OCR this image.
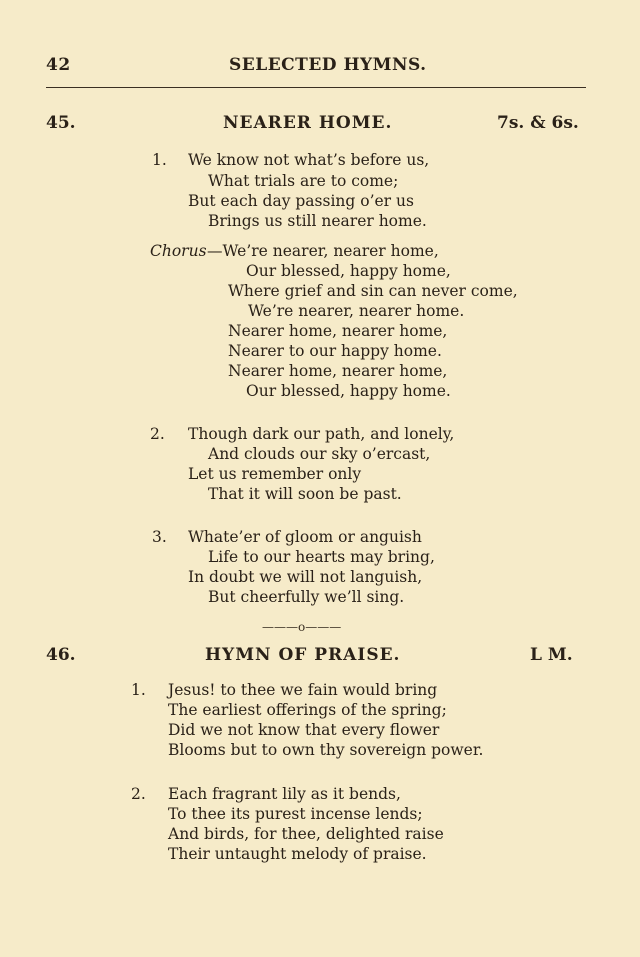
42	SELECTED HYMNS.
45.	NEARER HOME.	7s. & 6s.
1. We know not what’s before us,
What trials are to come;
But each day passing o’er us
Brings us still nearer home.
Chorus —We’re nearer, nearer home,
Our blessed, happy home,
Where grief and sin can never come,
We’re nearer, nearer home.
Nearer home, nearer home,
Nearer to our happy home.
Nearer home, nearer home,
Our blessed, happy home.
2. Though dark our path, and lonely,
And clouds our sky o’ercast,
Let us remember only
That it will soon be past.
3. Whate’er of gloom or anguish
Life to our hearts may bring,
In doubt we will not languish,
But cheerfully we’ll sing.
———o———
46.	HYMN OF PRAISE.	L M.
1. Jesus! to thee we fain would bring
The earliest offerings of the spring;
Did we not know that every flower
Blooms but to own thy sovereign power.
2. Each fragrant lily as it bends,
To thee its purest incense lends;
And birds, for thee, delighted raise
Their untaught melody of praise.
